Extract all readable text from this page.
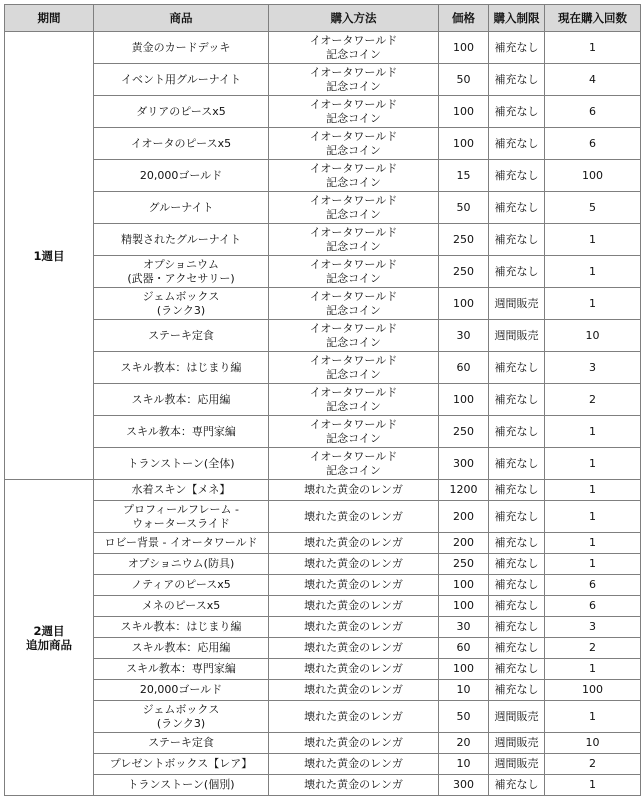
期間	商品	購入方法	価格	購入制限	現在購入回数

1週目	黄金のカードデッキ	イオータワールド
記念コイン	100	補充なし	1

	イベント用グルーナイト	イオータワールド
記念コイン	50	補充なし	4

	ダリアのピースx5	イオータワールド
記念コイン	100	補充なし	6

	イオータのピースx5	イオータワールド
記念コイン	100	補充なし	6

	20,000ゴールド	イオータワールド
記念コイン	15	補充なし	100

	グルーナイト	イオータワールド
記念コイン	50	補充なし	5

	精製されたグルーナイト	イオータワールド
記念コイン	250	補充なし	1

	オプショニウム
(武器・アクセサリー)	イオータワールド
記念コイン	250	補充なし	1

	ジェムボックス
(ランク3)	イオータワールド
記念コイン	100	週間販売	1

	ステーキ定食	イオータワールド
記念コイン	30	週間販売	10

	スキル教本：はじまり編	イオータワールド
記念コイン	60	補充なし	3

	スキル教本：応用編	イオータワールド
記念コイン	100	補充なし	2

	スキル教本：専門家編	イオータワールド
記念コイン	250	補充なし	1

	トランストーン(全体)	イオータワールド
記念コイン	300	補充なし	1

2週目
追加商品	水着スキン【メネ】	壊れた黄金のレンガ	1200	補充なし	1

	プロフィールフレーム -
ウォータースライド	壊れた黄金のレンガ	200	補充なし	1

	ロビー背景 - イオータワールド	壊れた黄金のレンガ	200	補充なし	1

	オプショニウム(防具)	壊れた黄金のレンガ	250	補充なし	1

	ノティアのピースx5	壊れた黄金のレンガ	100	補充なし	6

	メネのピースx5	壊れた黄金のレンガ	100	補充なし	6

	スキル教本：はじまり編	壊れた黄金のレンガ	30	補充なし	3

	スキル教本：応用編	壊れた黄金のレンガ	60	補充なし	2

	スキル教本：専門家編	壊れた黄金のレンガ	100	補充なし	1

	20,000ゴールド	壊れた黄金のレンガ	10	補充なし	100

	ジェムボックス
(ランク3)	壊れた黄金のレンガ	50	週間販売	1

	ステーキ定食	壊れた黄金のレンガ	20	週間販売	10

	プレゼントボックス【レア】	壊れた黄金のレンガ	10	週間販売	2

	トランストーン(個別)	壊れた黄金のレンガ	300	補充なし	1
